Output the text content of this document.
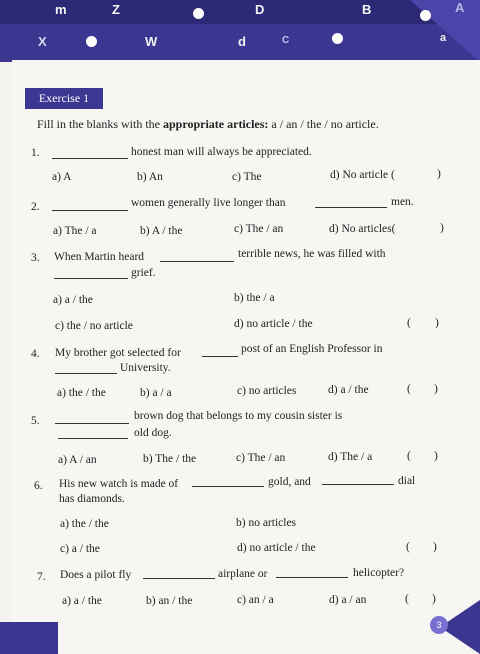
m	Z	D	B	A
X	W	d	C	a
Exercise 1
Fill in the blanks with the appropriate articles: a / an / the / no article.
1.	honest man will always be appreciated.
a) A	b) An	c) The	d) No article (	)
2.	women generally live longer than	men.
a) The / a	b) A / the	c) The / an	d) No articles(	)
3. When Martin heard	terrible news, he was filled with
grief.
a) a / the	b) the / a
c) the / no article	d) no article / the	( )
4. My brother got selected for	post of an English Professor in
University.
a) the / the	b) a / a	c) no articles	d) a / the	( )
5.	brown dog that belongs to my cousin sister is
old dog.
a) A / an	b) The / the	c) The / an	d) The / a	( )
6. His new watch is made of	gold, and	dial
has diamonds.
a) the / the	b) no articles
c) a / the	d) no article / the	( )
7. Does a pilot fly	airplane or	helicopter?
a) a / the	b) an / the	c) an / a	d) a / an	( )
3
